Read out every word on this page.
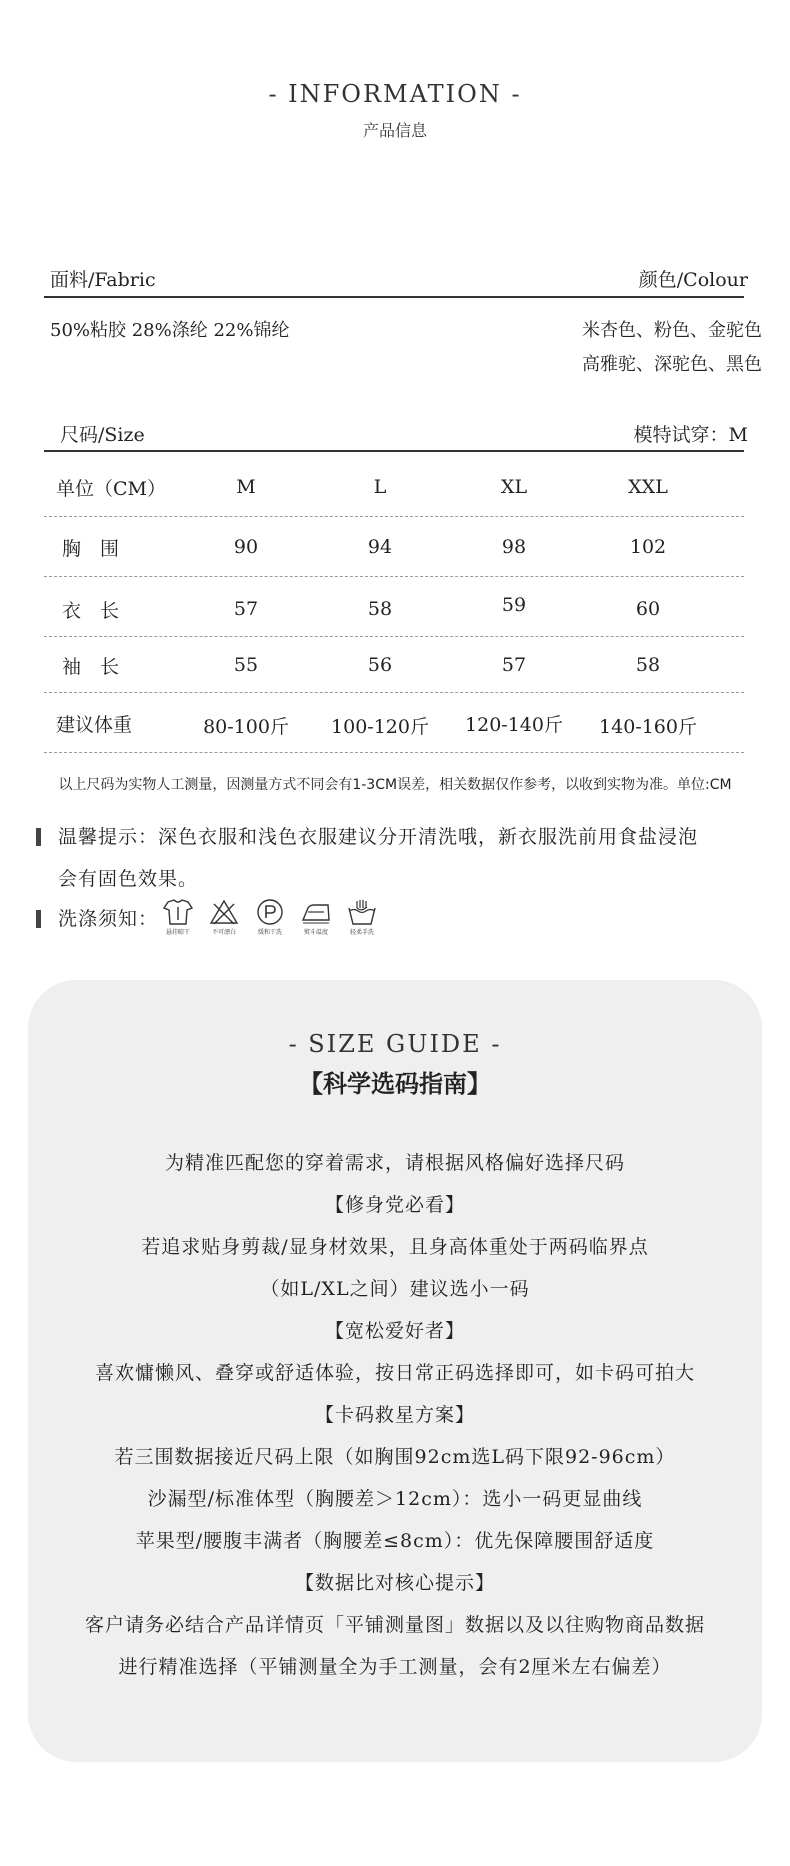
- INFORMATION -
产品信息
面料/Fabric	颜色/Colour
50%粘胶 28%涤纶 22%锦纶	米杏色、粉色、金驼色
高雅驼、深驼色、黑色
尺码/Size	模特试穿：M
单位（CM）	M	L	XL	XXL
胸　围	90	94	98	102
衣　长	57	58	59	60
袖　长	55	56	57	58
建议体重	80-100斤	100-120斤	120-140斤	140-160斤
以上尺码为实物人工测量，因测量方式不同会有1-3CM误差，相关数据仅作参考，以收到实物为准。单位:CM
温馨提示：深色衣服和浅色衣服建议分开清洗哦，新衣服洗前用食盐浸泡
会有固色效果。
洗涤须知：
悬挂晾干	不可漂白	缓和干洗	熨斗温度	轻柔手洗
- SIZE GUIDE -
【科学选码指南】
为精准匹配您的穿着需求，请根据风格偏好选择尺码
【修身党必看】
若追求贴身剪裁/显身材效果，且身高体重处于两码临界点
（如L/XL之间）建议选小一码
【宽松爱好者】
喜欢慵懒风、叠穿或舒适体验，按日常正码选择即可，如卡码可拍大
【卡码救星方案】
若三围数据接近尺码上限（如胸围92cm选L码下限92-96cm）
沙漏型/标准体型（胸腰差＞12cm）：选小一码更显曲线
苹果型/腰腹丰满者（胸腰差≤8cm）：优先保障腰围舒适度
【数据比对核心提示】
客户请务必结合产品详情页「平铺测量图」数据以及以往购物商品数据
进行精准选择（平铺测量全为手工测量，会有2厘米左右偏差）
